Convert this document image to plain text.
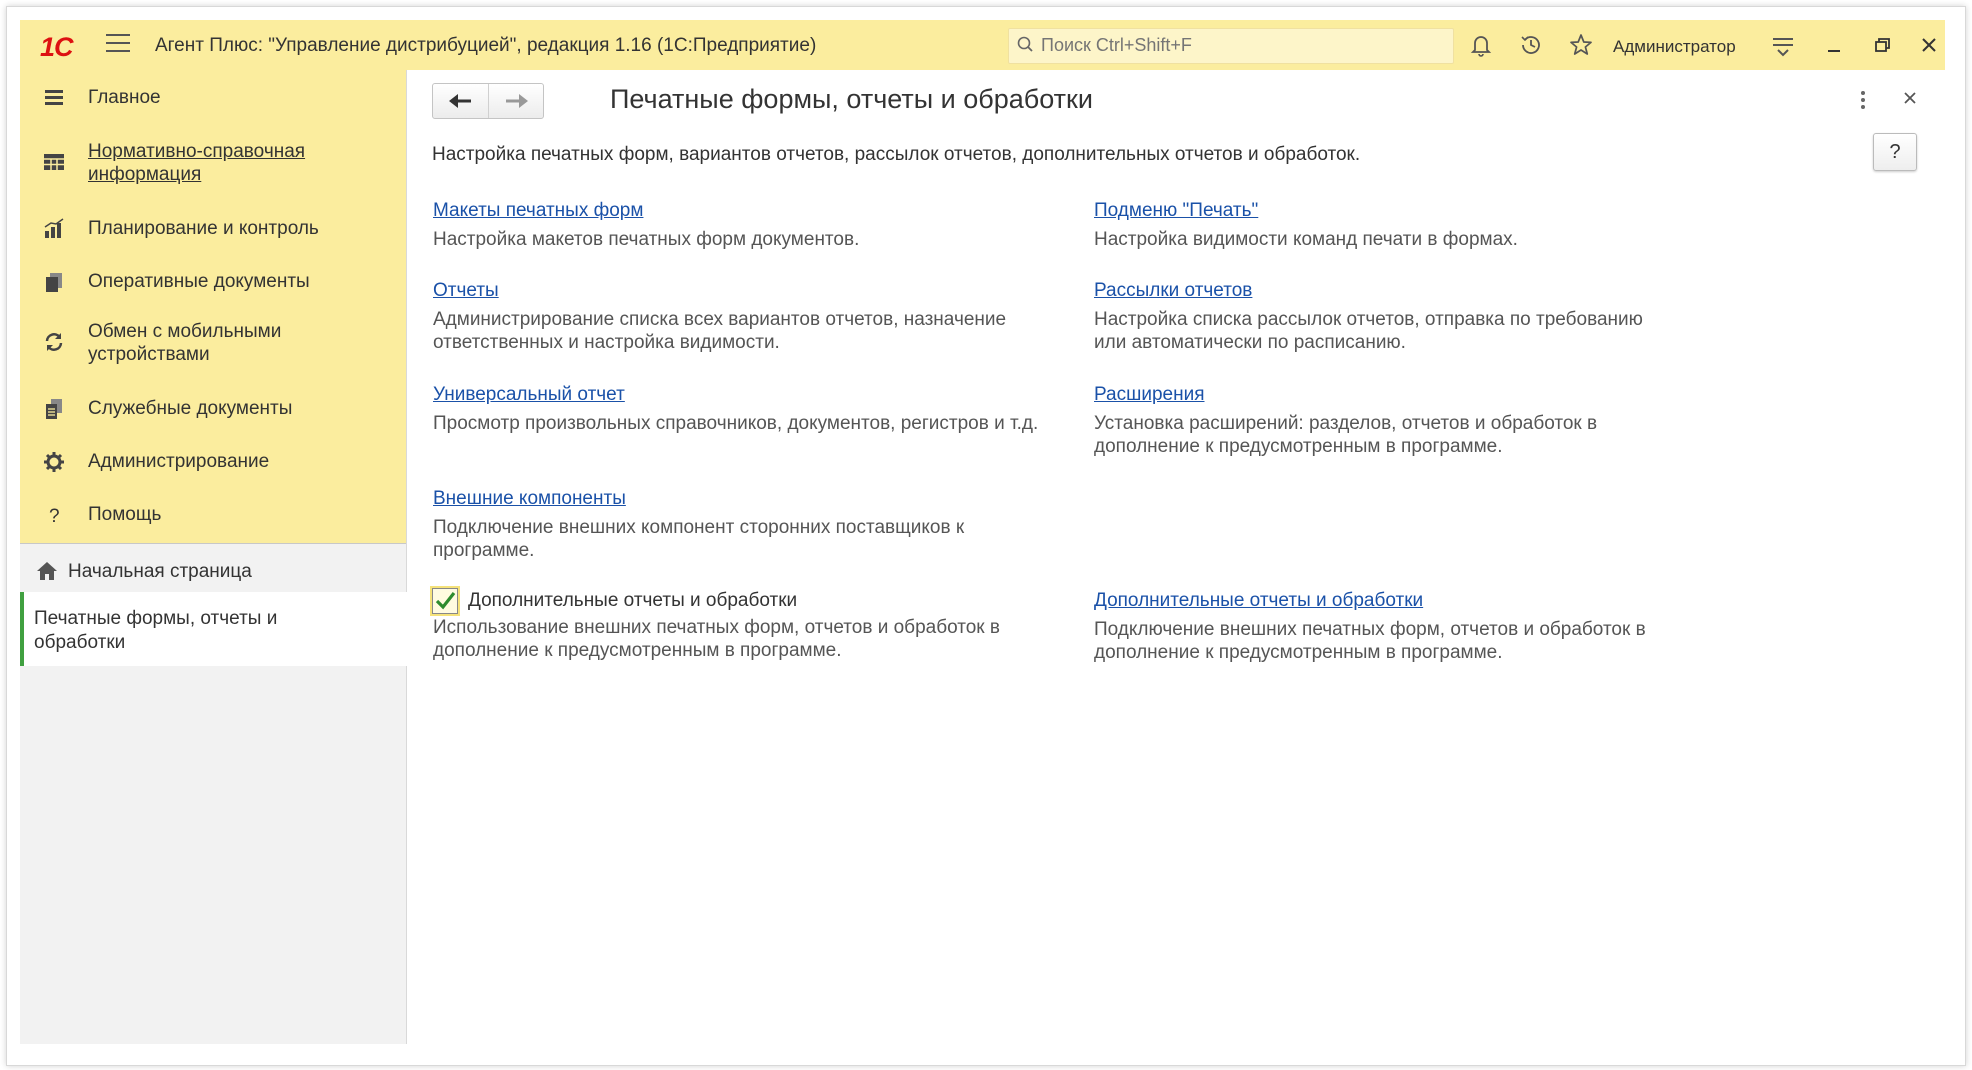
1С	Агент Плюс: "Управление дистрибуцией", редакция 1.16 (1С:Предприятие)
Поиск Ctrl+Shift+F	Администратор
Главное
Нормативно-справочная информация
Планирование и контроль
Оперативные документы
Обмен с мобильными устройствами
Служебные документы
Администрирование
? Помощь
Начальная страница
Печатные формы, отчеты и обработки
Печатные формы, отчеты и обработки
?
Настройка печатных форм, вариантов отчетов, рассылок отчетов, дополнительных отчетов и обработок.
Макеты печатных форм
Настройка макетов печатных форм документов.
Отчеты
Администрирование списка всех вариантов отчетов, назначение ответственных и настройка видимости.
Универсальный отчет
Просмотр произвольных справочников, документов, регистров и т.д.
Внешние компоненты
Подключение внешних компонент сторонних поставщиков к программе.
Подменю "Печать"
Настройка видимости команд печати в формах.
Рассылки отчетов
Настройка списка рассылок отчетов, отправка по требованию или автоматически по расписанию.
Расширения
Установка расширений: разделов, отчетов и обработок в дополнение к предусмотренным в программе.
Дополнительные отчеты и обработки
Использование внешних печатных форм, отчетов и обработок в дополнение к предусмотренным в программе.
Дополнительные отчеты и обработки
Подключение внешних печатных форм, отчетов и обработок в дополнение к предусмотренным в программе.
